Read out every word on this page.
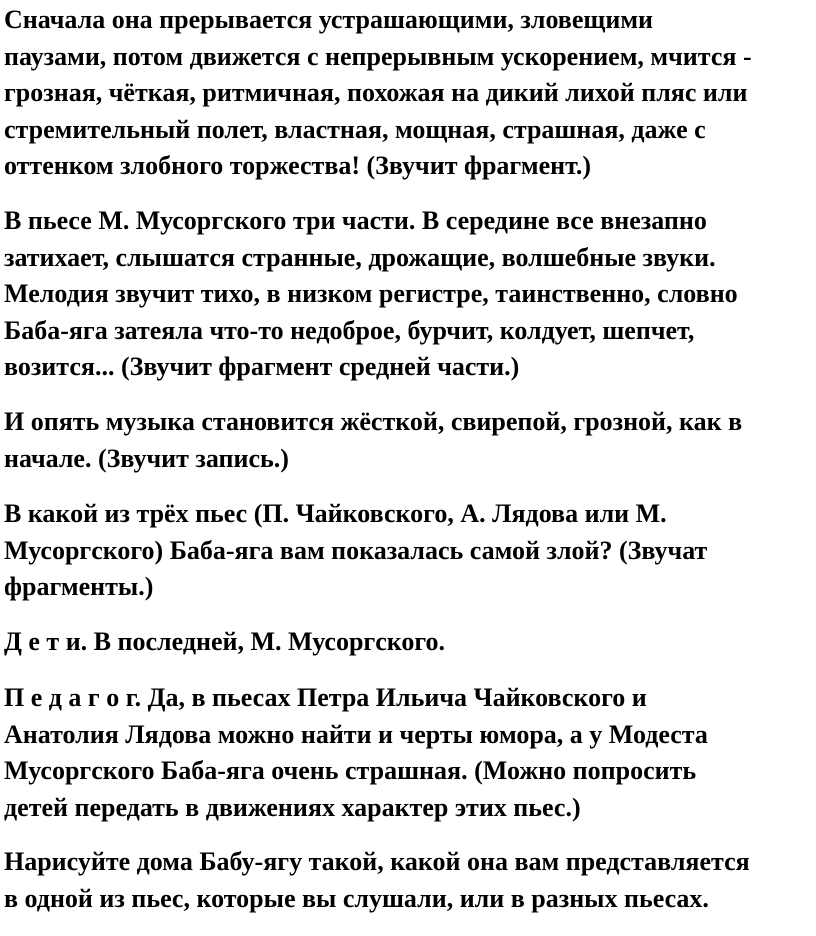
Сначала она прерывается устрашающими, зловещими
паузами, потом движется с непрерывным ускорением, мчится -
грозная, чёткая, ритмичная, похожая на дикий лихой пляс или
стремительный полет, властная, мощная, страшная, даже с
оттенком злобного торжества! (Звучит фрагмент.)
В пьесе М. Мусоргского три части. В середине все внезапно
затихает, слышатся странные, дрожащие, волшебные звуки.
Мелодия звучит тихо, в низком регистре, таинственно, словно
Баба-яга затеяла что-то недоброе, бурчит, колдует, шепчет,
возится... (Звучит фрагмент средней части.)
И опять музыка становится жёсткой, свирепой, грозной, как в
начале. (Звучит запись.)
В какой из трёх пьес (П. Чайковского, А. Лядова или М.
Мусоргского) Баба-яга вам показалась самой злой? (Звучат
фрагменты.)
Д е т и. В последней, М. Мусоргского.
П е д а г о г. Да, в пьесах Петра Ильича Чайковского и
Анатолия Лядова можно найти и черты юмора, а у Модеста
Мусоргского Баба-яга очень страшная. (Можно попросить
детей передать в движениях характер этих пьес.)
Нарисуйте дома Бабу-ягу такой, какой она вам представляется
в одной из пьес, которые вы слушали, или в разных пьесах.
